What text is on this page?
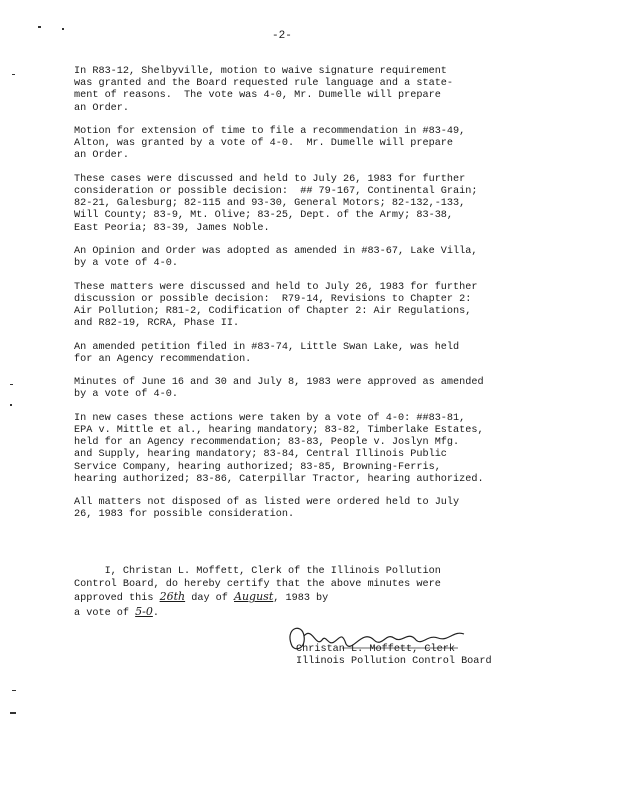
-2-

In R83-12, Shelbyville, motion to waive signature requirement
was granted and the Board requested rule language and a state-
ment of reasons.  The vote was 4-0, Mr. Dumelle will prepare
an Order.

Motion for extension of time to file a recommendation in #83-49,
Alton, was granted by a vote of 4-0.  Mr. Dumelle will prepare
an Order.

These cases were discussed and held to July 26, 1983 for further
consideration or possible decision:  ## 79-167, Continental Grain;
82-21, Galesburg; 82-115 and 93-30, General Motors; 82-132,-133,
Will County; 83-9, Mt. Olive; 83-25, Dept. of the Army; 83-38,
East Peoria; 83-39, James Noble.

An Opinion and Order was adopted as amended in #83-67, Lake Villa,
by a vote of 4-0.

These matters were discussed and held to July 26, 1983 for further
discussion or possible decision:  R79-14, Revisions to Chapter 2:
Air Pollution; R81-2, Codification of Chapter 2: Air Regulations,
and R82-19, RCRA, Phase II.

An amended petition filed in #83-74, Little Swan Lake, was held
for an Agency recommendation.

Minutes of June 16 and 30 and July 8, 1983 were approved as amended
by a vote of 4-0.

In new cases these actions were taken by a vote of 4-0: ##83-81,
EPA v. Mittle et al., hearing mandatory; 83-82, Timberlake Estates,
held for an Agency recommendation; 83-83, People v. Joslyn Mfg.
and Supply, hearing mandatory; 83-84, Central Illinois Public
Service Company, hearing authorized; 83-85, Browning-Ferris,
hearing authorized; 83-86, Caterpillar Tractor, hearing authorized.

All matters not disposed of as listed were ordered held to July
26, 1983 for possible consideration.

I, Christan L. Moffett, Clerk of the Illinois Pollution
Control Board, do hereby certify that the above minutes were
approved this 26th day of August, 1983 by
a vote of 5-0.
Christan L. Moffett, Clerk
Illinois Pollution Control Board
